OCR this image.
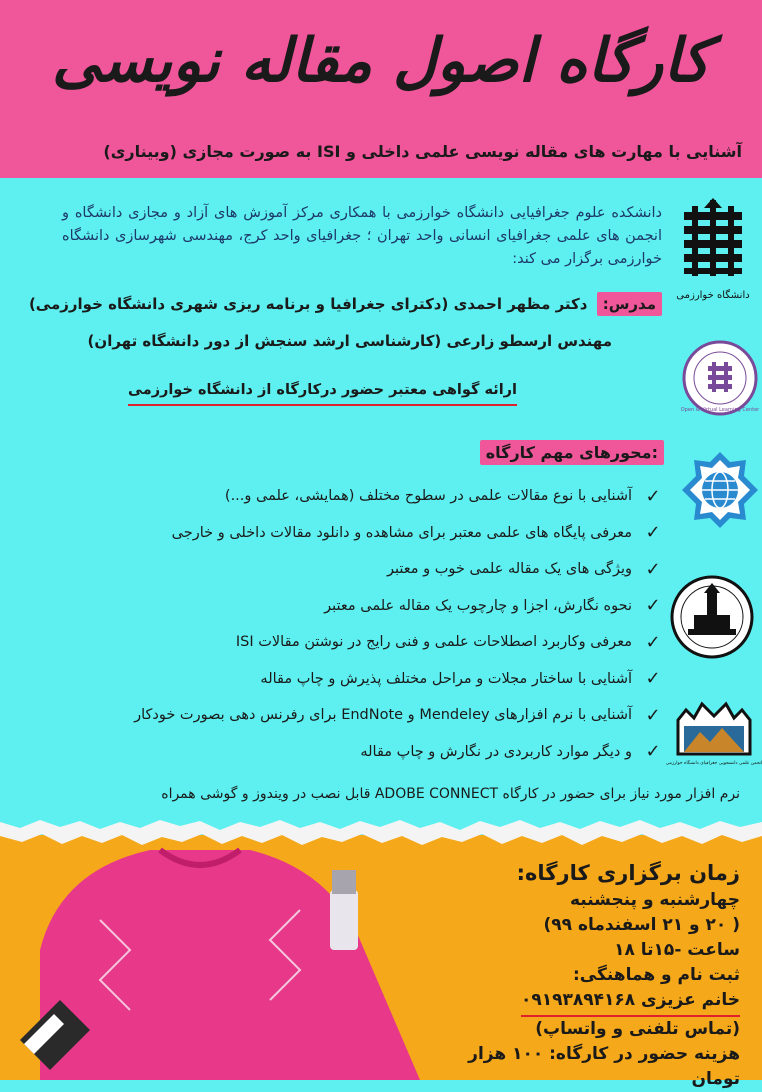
کارگاه اصول مقاله نویسی
آشنایی با مهارت های مقاله نویسی علمی داخلی و ISI به صورت مجازی (وبیناری)
دانشکده علوم جغرافیایی دانشگاه خوارزمی با همکاری مرکز آموزش های آزاد و مجازی دانشگاه و انجمن های علمی جغرافیای انسانی واحد تهران ؛ جغرافیای واحد کرج، مهندسی شهرسازی دانشگاه خوارزمی برگزار می کند:
مدرس: دکتر مظهر احمدی (دکترای جغرافیا و برنامه ریزی شهری دانشگاه خوارزمی)
مهندس ارسطو زارعی (کارشناسی ارشد سنجش از دور دانشگاه تهران)
ارائه گواهی معتبر حضور درکارگاه از دانشگاه خوارزمی
محورهای مهم کارگاه:
✓
آشنایی با نوع مقالات علمی در سطوح مختلف (همایشی، علمی و...)
✓
معرفی پایگاه های علمی معتبر برای مشاهده و دانلود مقالات داخلی و خارجی
✓
ویژگی های یک مقاله علمی خوب و معتبر
✓
نحوه نگارش، اجزا و چارچوب یک مقاله علمی معتبر
✓
معرفی وکاربرد اصطلاحات علمی و فنی رایج در نوشتن مقالات ISI
✓
آشنایی با ساختار مجلات و مراحل مختلف پذیرش و چاپ مقاله
✓
آشنایی با نرم افزارهای Mendeley و EndNote برای رفرنس دهی بصورت خودکار
✓
و دیگر موارد کاربردی در نگارش و چاپ مقاله
نرم افزار مورد نیاز برای حضور در کارگاه ADOBE CONNECT قابل نصب در ویندوز و گوشی همراه
دانشگاه خوارزمی
Open & Virtual Learning Center
انجمن علمی دانشجویی جغرافیای دانشگاه خوارزمی
زمان برگزاری کارگاه:
چهارشنبه و پنجشنبه
( ۲۰ و ۲۱ اسفندماه ۹۹)
ساعت -۱۵تا ۱۸
ثبت نام و هماهنگی:
خانم عزیزی ۰۹۱۹۳۸۹۴۱۶۸
(تماس تلفنی و واتساپ)
هزینه حضور در کارگاه: ۱۰۰ هزار تومان
